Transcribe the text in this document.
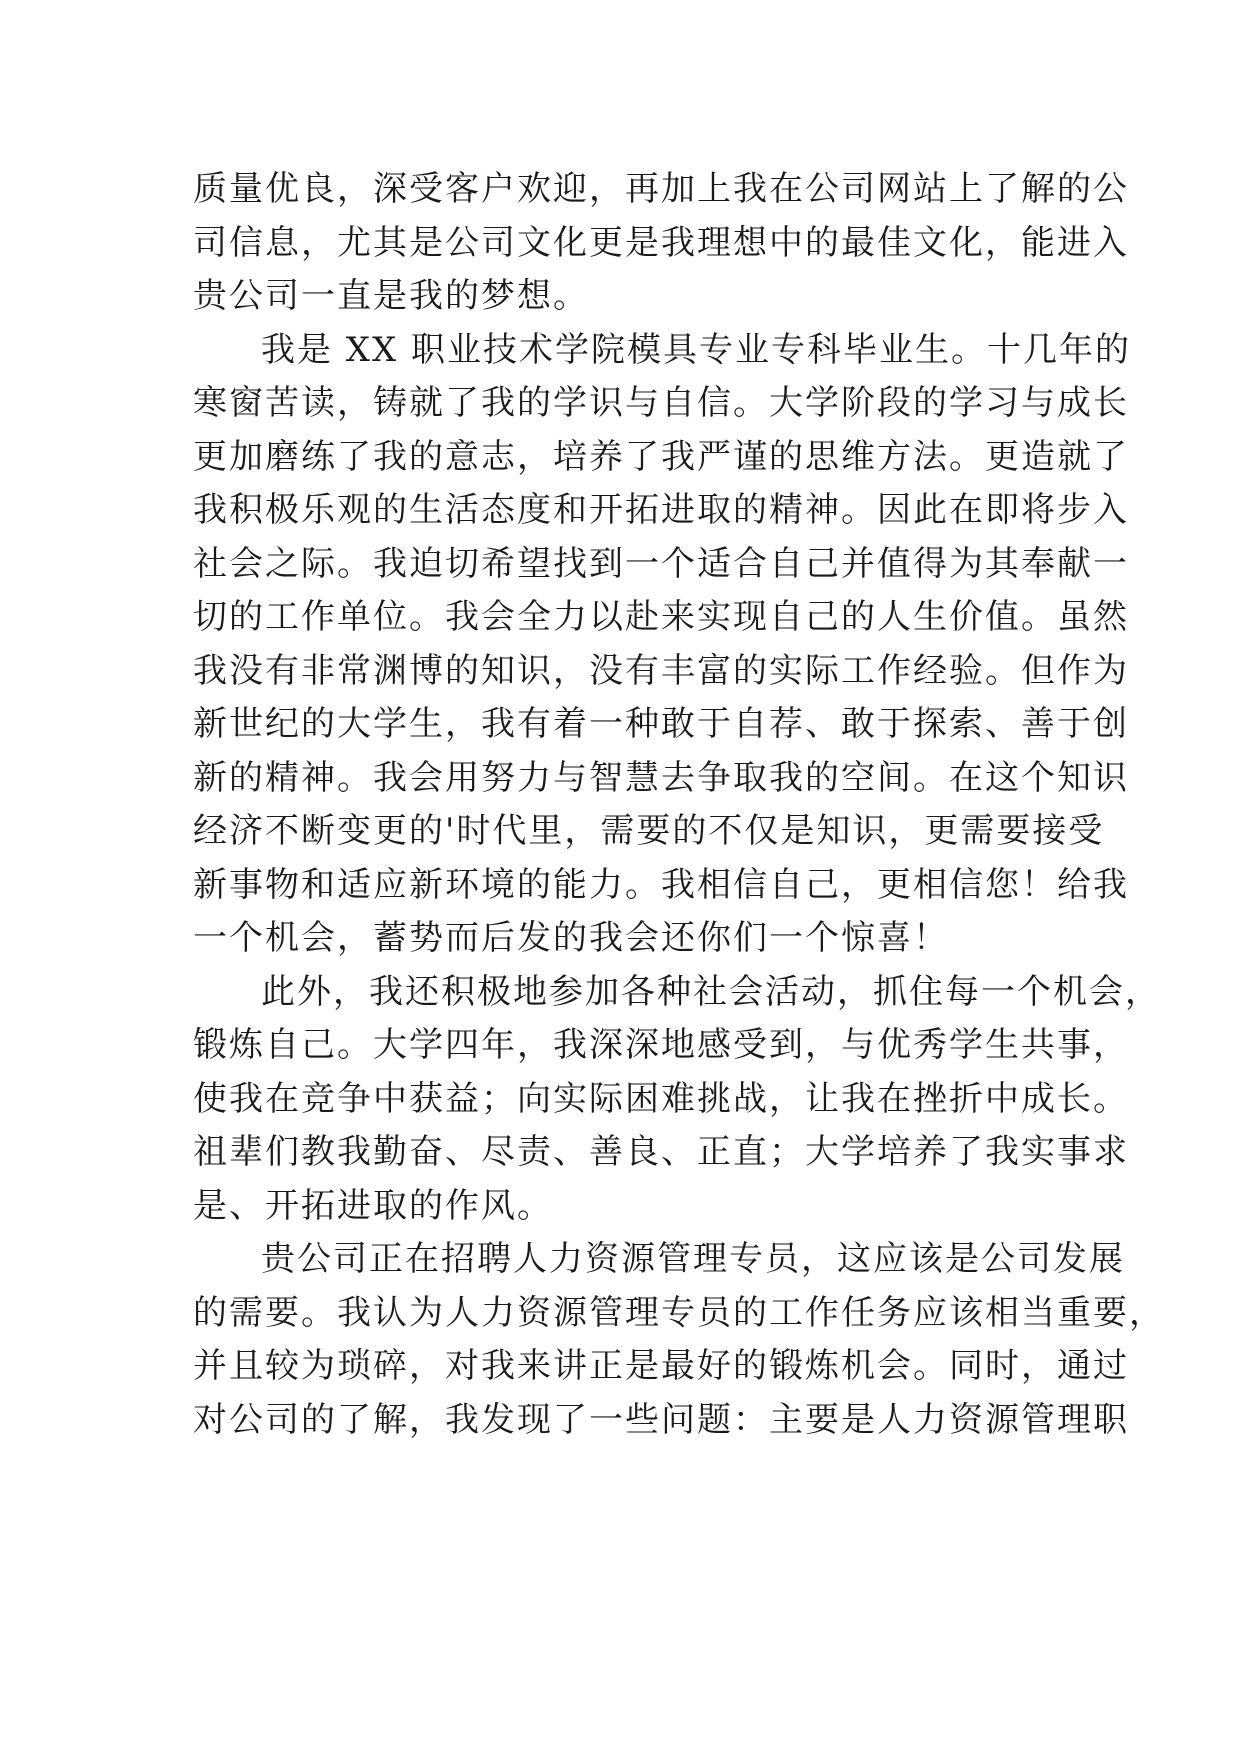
质量优良，深受客户欢迎，再加上我在公司网站上了解的公
司信息，尤其是公司文化更是我理想中的最佳文化，能进入
贵公司一直是我的梦想。
我是 XX 职业技术学院模具专业专科毕业生。十几年的
寒窗苦读，铸就了我的学识与自信。大学阶段的学习与成长
更加磨练了我的意志，培养了我严谨的思维方法。更造就了
我积极乐观的生活态度和开拓进取的精神。因此在即将步入
社会之际。我迫切希望找到一个适合自己并值得为其奉献一
切的工作单位。我会全力以赴来实现自己的人生价值。虽然
我没有非常渊博的知识，没有丰富的实际工作经验。但作为
新世纪的大学生，我有着一种敢于自荐、敢于探索、善于创
新的精神。我会用努力与智慧去争取我的空间。在这个知识
经济不断变更的'时代里，需要的不仅是知识，更需要接受
新事物和适应新环境的能力。我相信自己，更相信您！给我
一个机会，蓄势而后发的我会还你们一个惊喜！
此外，我还积极地参加各种社会活动，抓住每一个机会，
锻炼自己。大学四年，我深深地感受到，与优秀学生共事，
使我在竞争中获益；向实际困难挑战，让我在挫折中成长。
祖辈们教我勤奋、尽责、善良、正直；大学培养了我实事求
是、开拓进取的作风。
贵公司正在招聘人力资源管理专员，这应该是公司发展
的需要。我认为人力资源管理专员的工作任务应该相当重要，
并且较为琐碎，对我来讲正是最好的锻炼机会。同时，通过
对公司的了解，我发现了一些问题：主要是人力资源管理职
